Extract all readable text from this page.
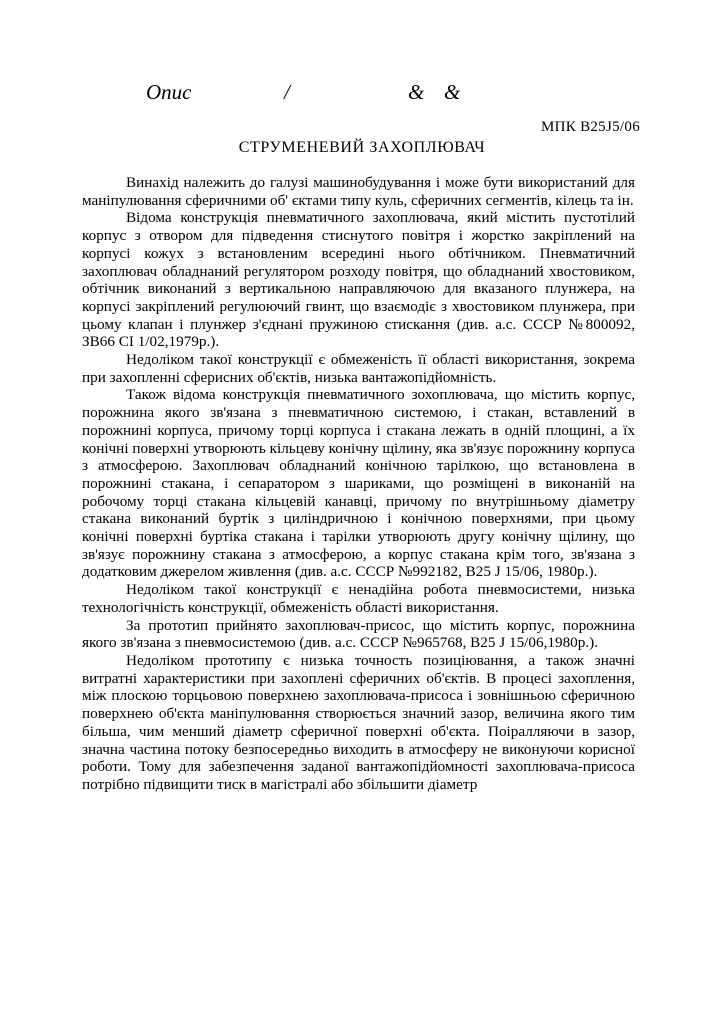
Опис	/	& &
МПК B25J5/06
СТРУМЕНЕВИЙ ЗАХОПЛЮВАЧ

Винахід належить до галузі машинобудування і може бути використаний для маніпулювання сферичними об' єктами типу куль, сферичних сегментів, кілець та ін.

Відома конструкція пневматичного захоплювача, який містить пустотілий корпус з отвором для підведення стиснутого повітря і жорстко закріплений на корпусі кожух з встановленим всередині нього обтічником. Пневматичний захоплювач обладнаний регулятором розходу повітря, що обладнаний хвостовиком, обтічник виконаний з вертикальною направляючою для вказаного плунжера, на корпусі закріплений регулюючий гвинт, що взаємодіє з хвостовиком плунжера, при цьому клапан і плунжер з'єднані пружиною стискання (див. а.с. СССР №800092, ЗВ66 СІ 1/02,1979р.).

Недоліком такої конструкції є обмеженість її області використання, зокрема при захопленні сферисних об'єктів, низька вантажопідйомність.

Також відома конструкція пневматичного зохоплювача, що містить корпус, порожнина якого зв'язана з пневматичною системою, і стакан, вставлений в порожнині корпуса, причому торці корпуса і стакана лежать в одній площині, а їх конічні поверхні утворюють кільцеву конічну щілину, яка зв'язує порожнину корпуса з атмосферою. Захоплювач обладнаний конічною тарілкою, що встановлена в порожнині стакана, і сепаратором з шариками, що розміщені в виконаній на робочому торці стакана кільцевій канавці, причому по внутрішньому діаметру стакана виконаний буртік з циліндричною і конічною поверхнями, при цьому конічні поверхні буртіка стакана і тарілки утворюють другу конічну щілину, що зв'язує порожнину стакана з атмосферою, а корпус стакана крім того, зв'язана з додатковим джерелом живлення (див. а.с. СССР №992182, В25 J 15/06, 1980р.).

Недоліком такої конструкції є ненадійна робота пневмосистеми, низька технологічність конструкції, обмеженість області використання.

За прототип прийнято захоплювач-присос, що містить корпус, порожнина якого зв'язана з пневмосистемою (див. а.с. СССР №965768, В25 J 15/06,1980р.).

Недоліком прототипу є низька точность позиціювання, а також значні витратні характеристики при захоплені сферичних об'єктів. В процесі захоплення, між плоскою торцьовою поверхнею захоплювача-присоса і зовнішньою сферичною поверхнею об'єкта маніпулювання створюється значний зазор, величина якого тим більша, чим менший діаметр сферичної поверхні об'єкта. Поіралляючи в зазор, значна частина потоку безпосередньо виходить в атмосферу не виконуючи корисної роботи. Тому для забезпечення заданої вантажопідйомності захоплювача-присоса потрібно підвищити тиск в магістралі або збільшити діаметр
